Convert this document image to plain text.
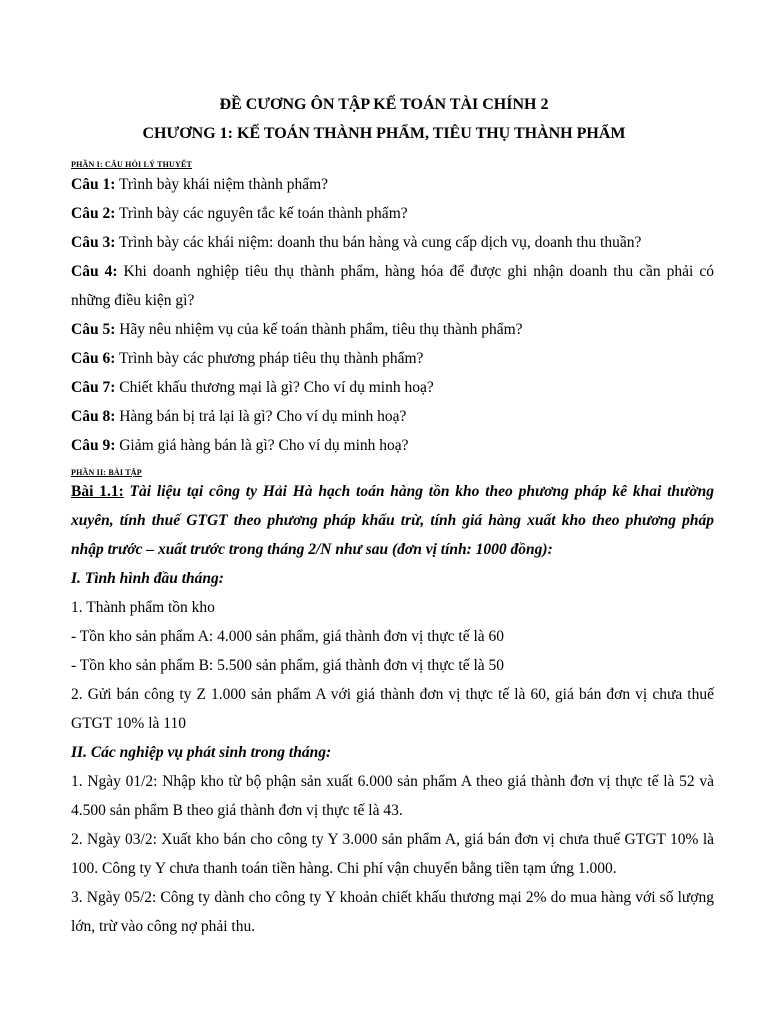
ĐỀ CƯƠNG ÔN TẬP KẾ TOÁN TÀI CHÍNH 2
CHƯƠNG 1: KẾ TOÁN THÀNH PHẨM, TIÊU THỤ THÀNH PHẨM
PHẦN I: CÂU HỎI LÝ THUYẾT

Câu 1: Trình bày khái niệm thành phẩm?

Câu 2: Trình bày các nguyên tắc kế toán thành phẩm?

Câu 3: Trình bày các khái niệm: doanh thu bán hàng và cung cấp dịch vụ, doanh thu thuần?

Câu 4: Khi doanh nghiệp tiêu thụ thành phẩm, hàng hóa để được ghi nhận doanh thu cần phải có những điều kiện gì?

Câu 5: Hãy nêu nhiệm vụ của kế toán thành phẩm, tiêu thụ thành phẩm?

Câu 6: Trình bày các phương pháp tiêu thụ thành phẩm?

Câu 7: Chiết khấu thương mại là gì? Cho ví dụ minh hoạ?

Câu 8: Hàng bán bị trả lại là gì? Cho ví dụ minh hoạ?

Câu 9: Giảm giá hàng bán là gì? Cho ví dụ minh hoạ?

PHẦN II: BÀI TẬP

Bài 1.1: Tài liệu tại công ty Hải Hà hạch toán hàng tồn kho theo phương pháp kê khai thường xuyên, tính thuế GTGT theo phương pháp khấu trừ, tính giá hàng xuất kho theo phương pháp nhập trước – xuất trước trong tháng 2/N như sau (đơn vị tính: 1000 đồng):

I. Tình hình đầu tháng:

1. Thành phẩm tồn kho

- Tồn kho sản phẩm A: 4.000 sản phẩm, giá thành đơn vị thực tế là 60

- Tồn kho sản phẩm B: 5.500 sản phẩm, giá thành đơn vị thực tế là 50

2. Gửi bán công ty Z 1.000 sản phẩm A với giá thành đơn vị thực tế là 60, giá bán đơn vị chưa thuế GTGT 10% là 110

II. Các nghiệp vụ phát sinh trong tháng:

1. Ngày 01/2: Nhập kho từ bộ phận sản xuất 6.000 sản phẩm A theo giá thành đơn vị thực tế là 52 và 4.500 sản phẩm B theo giá thành đơn vị thực tế là 43.

2. Ngày 03/2: Xuất kho bán cho công ty Y 3.000 sản phẩm A, giá bán đơn vị chưa thuế GTGT 10% là 100. Công ty Y chưa thanh toán tiền hàng. Chi phí vận chuyển bằng tiền tạm ứng 1.000.

3. Ngày 05/2: Công ty dành cho công ty Y khoản chiết khấu thương mại 2% do mua hàng với số lượng lớn, trừ vào công nợ phải thu.
